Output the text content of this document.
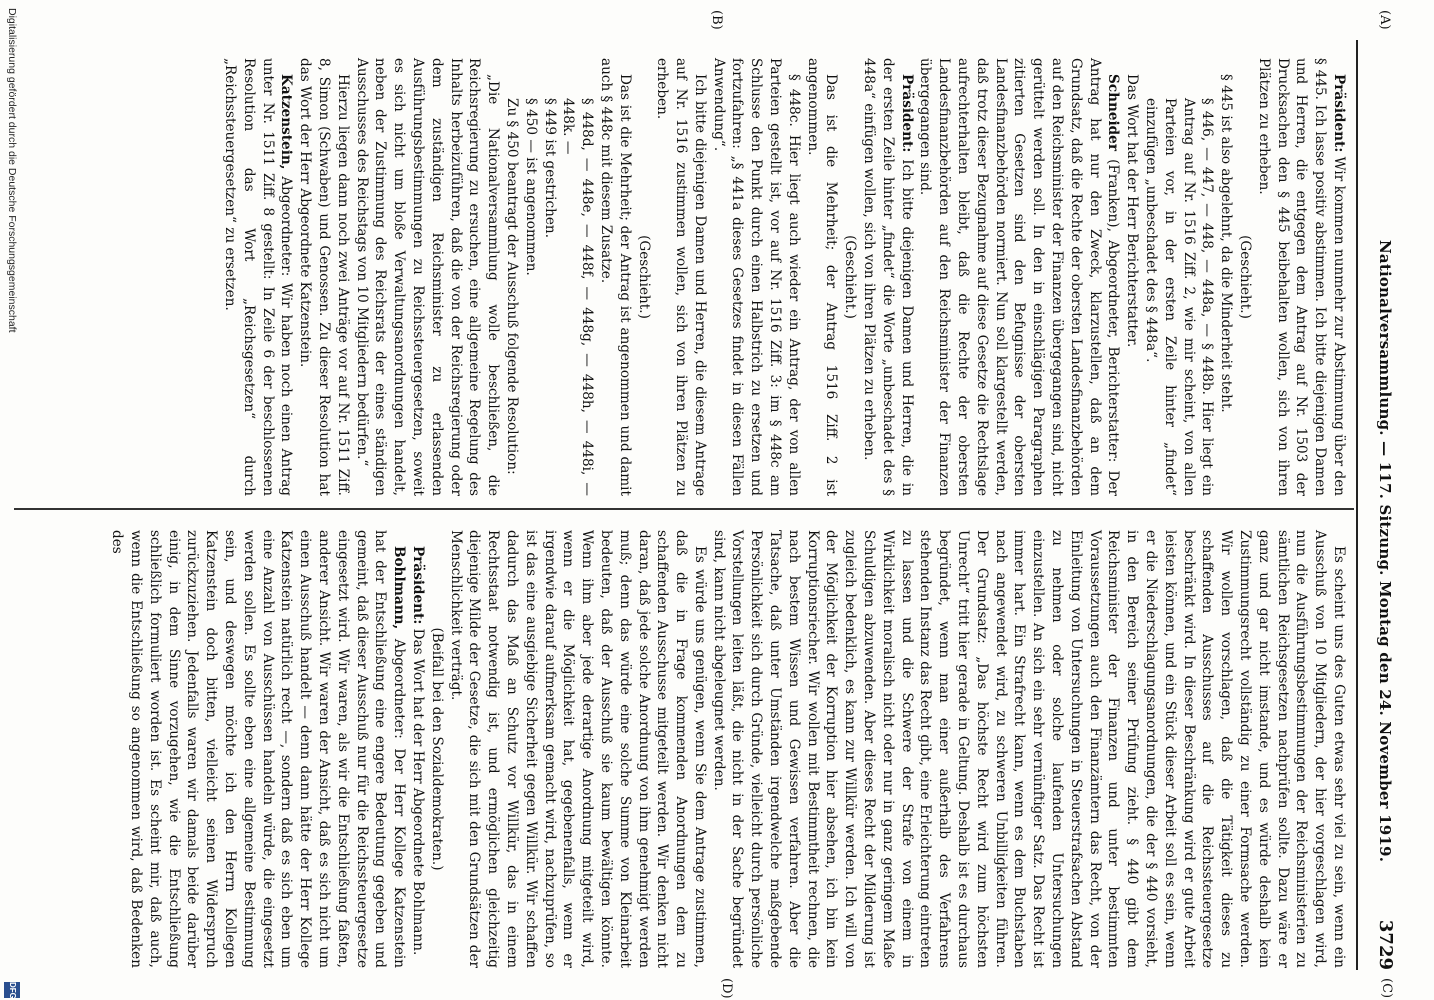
(A)
(B)
(C)
(D)
Nationalversammlung. — 117. Sitzung. Montag den 24. November 1919.
3729

Präsident: Wir kommen nunmehr zur Abstimmung über den § 445. Ich lasse positiv abstimmen. Ich bitte diejenigen Damen und Herren, die entgegen dem Antrag auf Nr. 1503 der Drucksachen den § 445 beibehalten wollen, sich von ihren Plätzen zu erheben.

(Geschieht.)

§ 445 ist also abgelehnt, da die Minderheit steht.

§ 446, — 447, — 448, — 448a, — § 448b. Hier liegt ein Antrag auf Nr. 1516 Ziff. 2, wie mir scheint, von allen Parteien vor, in der ersten Zeile hinter „findet“ einzufügen „unbeschadet des § 448a“.

Das Wort hat der Herr Berichterstatter.

Schneider (Franken), Abgeordneter, Berichterstatter: Der Antrag hat nur den Zweck, klarzustellen, daß an dem Grundsatz, daß die Rechte der obersten Landesfinanzbehörden auf den Reichsminister der Finanzen übergegangen sind, nicht gerüttelt werden soll. In den in einschlägigen Paragraphen zitierten Gesetzen sind den Befugnisse der obersten Landesfinanzbehörden normiert. Nun soll klargestellt werden, daß trotz dieser Bezugnahme auf diese Gesetze die Rechtslage aufrechterhalten bleibt, daß die Rechte der obersten Landesfinanzbehörden auf den Reichsminister der Finanzen übergegangen sind.

Präsident: Ich bitte diejenigen Damen und Herren, die in der ersten Zeile hinter „findet“ die Worte „unbeschadet des § 448a“ einfügen wollen, sich von ihren Plätzen zu erheben.

(Geschieht.)

Das ist die Mehrheit; der Antrag 1516 Ziff. 2 ist angenommen.

§ 448c. Hier liegt auch wieder ein Antrag, der von allen Parteien gestellt ist, vor auf Nr. 1516 Ziff. 3: im § 448c am Schlusse den Punkt durch einen Halbstrich zu ersetzen und fortzufahren: „§ 441a dieses Gesetzes findet in diesen Fällen Anwendung“.

Ich bitte diejenigen Damen und Herren, die diesem Antrage auf Nr. 1516 zustimmen wollen, sich von ihren Plätzen zu erheben.

(Geschieht.)

Das ist die Mehrheit; der Antrag ist angenommen und damit auch § 448c mit diesem Zusatze.

§ 448d, — 448e, — 448f, — 448g, — 448h, — 448i, — 448k. —

§ 449 ist gestrichen.

§ 450 — ist angenommen.

Zu § 450 beantragt der Ausschuß folgende Resolution:

„Die Nationalversammlung wolle beschließen, die Reichsregierung zu ersuchen, eine allgemeine Regelung des Inhalts herbeizuführen, daß die von der Reichsregierung oder dem zuständigen Reichsminister zu erlassenden Ausführungsbestimmungen zu Reichssteuergesetzen, soweit es sich nicht um bloße Verwaltungsanordnungen handelt, neben der Zustimmung des Reichsrats der eines ständigen Ausschusses des Reichstags von 10 Mitgliedern bedürfen.“

Hierzu liegen dann noch zwei Anträge vor auf Nr. 1511 Ziff. 8, Simon (Schwaben) und Genossen. Zu dieser Resolution hat das Wort der Herr Abgeordnete Katzenstein.

Katzenstein, Abgeordneter: Wir haben noch einen Antrag unter Nr. 1511 Ziff. 8 gestellt: In Zeile 6 der beschlossenen Resolution das Wort „Reichsgesetzen“ durch „Reichssteuergesetzen“ zu ersetzen.

Es scheint uns des Guten etwas sehr viel zu sein, wenn ein Ausschuß von 10 Mitgliedern, der hier vorgeschlagen wird, nun die Ausführungsbestimmungen der Reichsministerien zu sämtlichen Reichsgesetzen nachprüfen sollte. Dazu wäre er ganz und gar nicht imstande, und es würde deshalb kein Zustimmungsrecht vollständig zu einer Formsache werden. Wir wollen vorschlagen, daß die Tätigkeit dieses zu schaffenden Ausschusses auf die Reichssteuergesetze beschränkt wird. In dieser Beschränkung wird er gute Arbeit leisten können, und ein Stück dieser Arbeit soll es sein, wenn er die Niederschlagungsanordnungen, die der § 440 vorsieht, in den Bereich seiner Prüfung zieht. § 440 gibt dem Reichsminister der Finanzen und unter bestimmten Voraussetzungen auch den Finanzämtern das Recht, von der Einleitung von Untersuchungen in Steuerstrafsachen Abstand zu nehmen oder solche laufenden Untersuchungen einzustellen. An sich ein sehr vernünftiger Satz. Das Recht ist immer hart. Ein Strafrecht kann, wenn es dem Buchstaben nach angewendet wird, zu schweren Unbilligkeiten führen. Der Grundsatz: „Das höchste Recht wird zum höchsten Unrecht“ tritt hier gerade in Geltung. Deshalb ist es durchaus begründet, wenn man einer außerhalb des Verfahrens stehenden Instanz das Recht gibt, eine Erleichterung eintreten zu lassen und die Schwere der Strafe von einem in Wirklichkeit moralisch nicht oder nur in ganz geringem Maße Schuldigen abzuwenden. Aber dieses Recht der Milderung ist zugleich bedenklich, es kann zur Willkür werden. Ich will von der Möglichkeit der Korruption hier absehen, ich bin kein Korruptionsriecher. Wir wollen mit Bestimmtheit rechnen, die nach bestem Wissen und Gewissen verfahren. Aber die Tatsache, daß unter Umständen irgendwelche maßgebende Persönlichkeit sich durch Gründe, vielleicht durch persönliche Vorstellungen leiten läßt, die nicht in der Sache begründet sind, kann nicht abgeleugnet werden.

Es würde uns genügen, wenn Sie dem Antrage zustimmen, daß die in Frage kommenden Anordnungen dem zu schaffenden Ausschusse mitgeteilt werden. Wir denken nicht daran, daß jede solche Anordnung von ihm genehmigt werden muß; denn das würde eine solche Summe von Kleinarbeit bedeuten, daß der Ausschuß sie kaum bewältigen könnte. Wenn ihm aber jede derartige Anordnung mitgeteilt wird, wenn er die Möglichkeit hat, gegebenenfalls, wenn er irgendwie darauf aufmerksam gemacht wird, nachzuprüfen, so ist das eine ausgiebige Sicherheit gegen Willkür. Wir schaffen dadurch das Maß an Schutz vor Willkür, das in einem Rechtsstaat notwendig ist, und ermöglichen gleichzeitig diejenige Milde der Gesetze, die sich mit den Grundsätzen der Menschlichkeit verträgt.

(Beifall bei den Sozialdemokraten.)

Präsident: Das Wort hat der Herr Abgeordnete Bohlmann.

Bohlmann, Abgeordneter: Der Herr Kollege Katzenstein hat der Entschließung eine engere Bedeutung gegeben und gemeint, daß dieser Ausschuß nur für die Reichssteuergesetze eingesetzt wird. Wir waren, als wir die Entschließung faßten, anderer Ansicht. Wir waren der Ansicht, daß es sich nicht um einen Ausschuß handelt — denn dann hätte der Herr Kollege Katzenstein natürlich recht —, sondern daß es sich eben um eine Anzahl von Ausschüssen handeln würde, die eingesetzt werden sollen. Es sollte eben eine allgemeine Bestimmung sein, und deswegen möchte ich den Herrn Kollegen Katzenstein doch bitten, vielleicht seinen Widerspruch zurückzuziehen. Jedenfalls waren wir damals beide darüber einig, in dem Sinne vorzugehen, wie die Entschließung schließlich formuliert worden ist. Es scheint mir, daß auch, wenn die Entschließung so angenommen wird, daß Bedenken des

Digitalisierung gefördert durch die Deutsche Forschungsgemeinschaft
DFG
